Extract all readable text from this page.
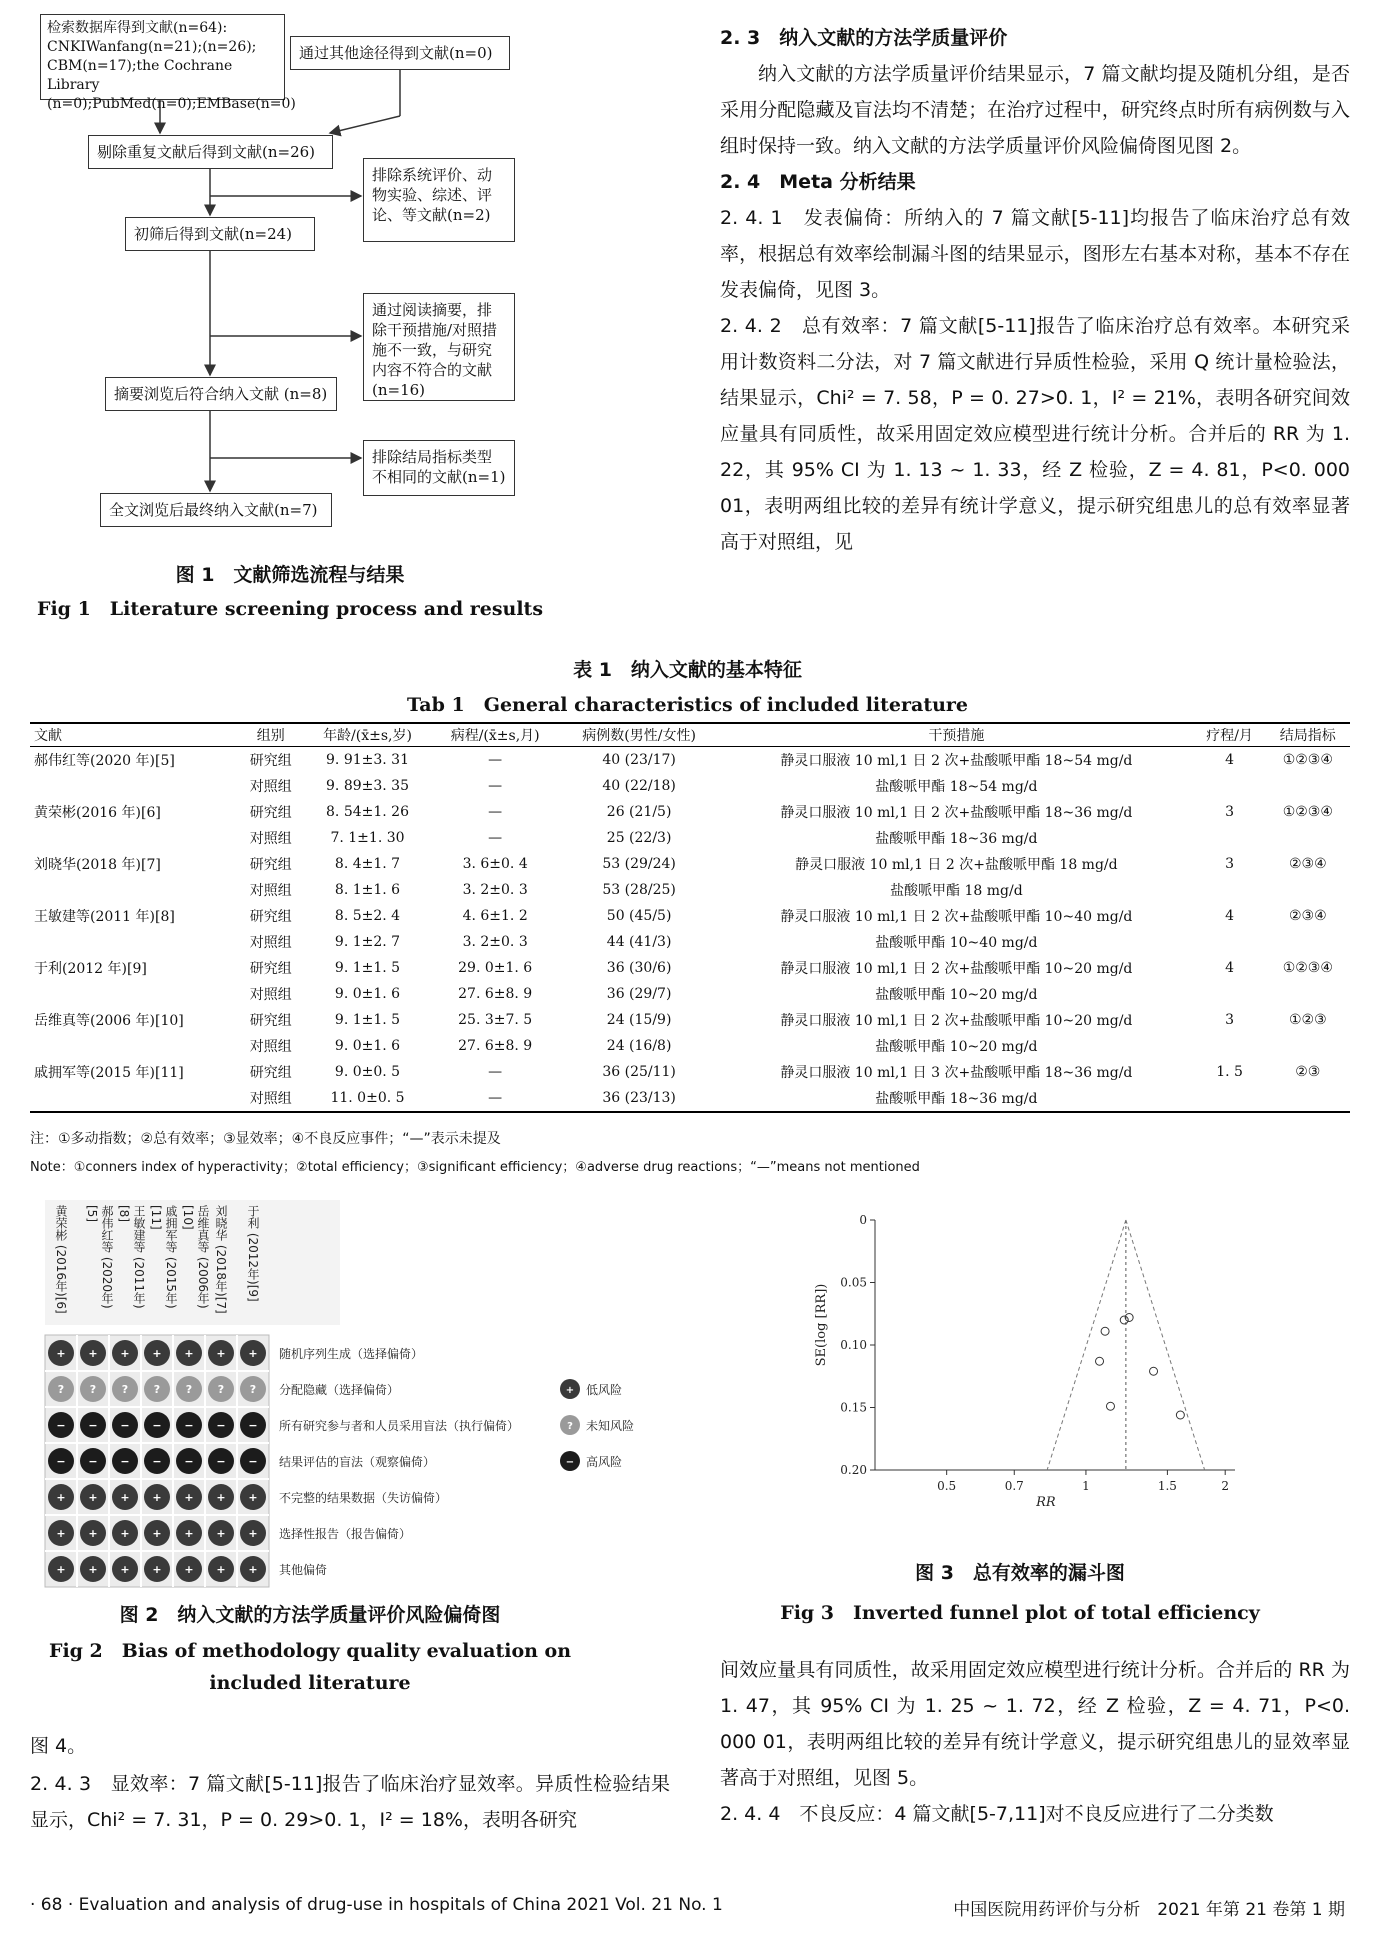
检索数据库得到文献(n=64): CNKIWanfang(n=21);(n=26); CBM(n=17);the Cochrane Library (n=0);PubMed(n=0);EMBase(n=0)
通过其他途径得到文献(n=0)
剔除重复文献后得到文献(n=26)
排除系统评价、动物实验、综述、评论、等文献(n=2)
初筛后得到文献(n=24)
通过阅读摘要，排除干预措施/对照措施不一致，与研究内容不符合的文献(n=16)
摘要浏览后符合纳入文献 (n=8)
排除结局指标类型不相同的文献(n=1)
全文浏览后最终纳入文献(n=7)
图 1　文献筛选流程与结果
Fig 1　Literature screening process and results
2. 3　纳入文献的方法学质量评价
纳入文献的方法学质量评价结果显示，7 篇文献均提及随机分组，是否采用分配隐藏及盲法均不清楚；在治疗过程中，研究终点时所有病例数与入组时保持一致。纳入文献的方法学质量评价风险偏倚图见图 2。
2. 4　Meta 分析结果
2. 4. 1　发表偏倚：所纳入的 7 篇文献[5-11]均报告了临床治疗总有效率，根据总有效率绘制漏斗图的结果显示，图形左右基本对称，基本不存在发表偏倚，见图 3。
2. 4. 2　总有效率：7 篇文献[5-11]报告了临床治疗总有效率。本研究采用计数资料二分法，对 7 篇文献进行异质性检验，采用 Q 统计量检验法，结果显示，Chi² = 7. 58，P = 0. 27>0. 1，I² = 21%，表明各研究间效应量具有同质性，故采用固定效应模型进行统计分析。合并后的 RR 为 1. 22，其 95% CI 为 1. 13 ~ 1. 33，经 Z 检验，Z = 4. 81，P<0. 000 01，表明两组比较的差异有统计学意义，提示研究组患儿的总有效率显著高于对照组，见
表 1　纳入文献的基本特征
Tab 1　General characteristics of included literature
文献	组别	年龄/(x̄±s,岁)	病程/(x̄±s,月)	病例数(男性/女性)	干预措施	疗程/月	结局指标
郝伟红等(2020 年)[5]	研究组	9. 91±3. 31	—	40 (23/17)	静灵口服液 10 ml,1 日 2 次+盐酸哌甲酯 18~54 mg/d	4	①②③④
	对照组	9. 89±3. 35	—	40 (22/18)	盐酸哌甲酯 18~54 mg/d		
黄荣彬(2016 年)[6]	研究组	8. 54±1. 26	—	26 (21/5)	静灵口服液 10 ml,1 日 2 次+盐酸哌甲酯 18~36 mg/d	3	①②③④
	对照组	7. 1±1. 30	—	25 (22/3)	盐酸哌甲酯 18~36 mg/d		
刘晓华(2018 年)[7]	研究组	8. 4±1. 7	3. 6±0. 4	53 (29/24)	静灵口服液 10 ml,1 日 2 次+盐酸哌甲酯 18 mg/d	3	②③④
	对照组	8. 1±1. 6	3. 2±0. 3	53 (28/25)	盐酸哌甲酯 18 mg/d		
王敏建等(2011 年)[8]	研究组	8. 5±2. 4	4. 6±1. 2	50 (45/5)	静灵口服液 10 ml,1 日 2 次+盐酸哌甲酯 10~40 mg/d	4	②③④
	对照组	9. 1±2. 7	3. 2±0. 3	44 (41/3)	盐酸哌甲酯 10~40 mg/d		
于利(2012 年)[9]	研究组	9. 1±1. 5	29. 0±1. 6	36 (30/6)	静灵口服液 10 ml,1 日 2 次+盐酸哌甲酯 10~20 mg/d	4	①②③④
	对照组	9. 0±1. 6	27. 6±8. 9	36 (29/7)	盐酸哌甲酯 10~20 mg/d		
岳维真等(2006 年)[10]	研究组	9. 1±1. 5	25. 3±7. 5	24 (15/9)	静灵口服液 10 ml,1 日 2 次+盐酸哌甲酯 10~20 mg/d	3	①②③
	对照组	9. 0±1. 6	27. 6±8. 9	24 (16/8)	盐酸哌甲酯 10~20 mg/d		
戚拥军等(2015 年)[11]	研究组	9. 0±0. 5	—	36 (25/11)	静灵口服液 10 ml,1 日 3 次+盐酸哌甲酯 18~36 mg/d	1. 5	②③
	对照组	11. 0±0. 5	—	36 (23/13)	盐酸哌甲酯 18~36 mg/d		
注：①多动指数；②总有效率；③显效率；④不良反应事件；“—”表示未提及
Note：①conners index of hyperactivity；②total efficiency；③significant efficiency；④adverse drug reactions；“—”means not mentioned
黄荣彬 (2016年)[6]	郝伟红等 (2020年)[5]	王敏建等 (2011年)[8]	戚拥军等 (2015年)[11]	岳维真等 (2006年)[10]	刘晓华 (2018年)[7] 于利 (2012年)[9]
+ + + + + + +
? ? ? ? ? ? ?
− − − − − − −
− − − − − − −
+ + + + + + +
+ + + + + + +
+ + + + + + +
+
?
−
随机序列生成（选择偏倚）
分配隐藏（选择偏倚）
所有研究参与者和人员采用盲法（执行偏倚）
结果评估的盲法（观察偏倚）
不完整的结果数据（失访偏倚）
选择性报告（报告偏倚）
其他偏倚
低风险
未知风险
高风险
图 2　纳入文献的方法学质量评价风险偏倚图
Fig 2　Bias of methodology quality evaluation on
included literature
0
0.05
0.10
0.15
0.20
0.5	0.7	1	1.5	2
RR
SE(log [RR])
图 3　总有效率的漏斗图
Fig 3　Inverted funnel plot of total efficiency
图 4。
2. 4. 3　显效率：7 篇文献[5-11]报告了临床治疗显效率。异质性检验结果显示，Chi² = 7. 31，P = 0. 29>0. 1，I² = 18%，表明各研究
间效应量具有同质性，故采用固定效应模型进行统计分析。合并后的 RR 为 1. 47，其 95% CI 为 1. 25 ~ 1. 72，经 Z 检验，Z = 4. 71，P<0. 000 01，表明两组比较的差异有统计学意义，提示研究组患儿的显效率显著高于对照组，见图 5。
2. 4. 4　不良反应：4 篇文献[5-7,11]对不良反应进行了二分类数
· 68 · Evaluation and analysis of drug-use in hospitals of China 2021 Vol. 21 No. 1	中国医院用药评价与分析　2021 年第 21 卷第 1 期
